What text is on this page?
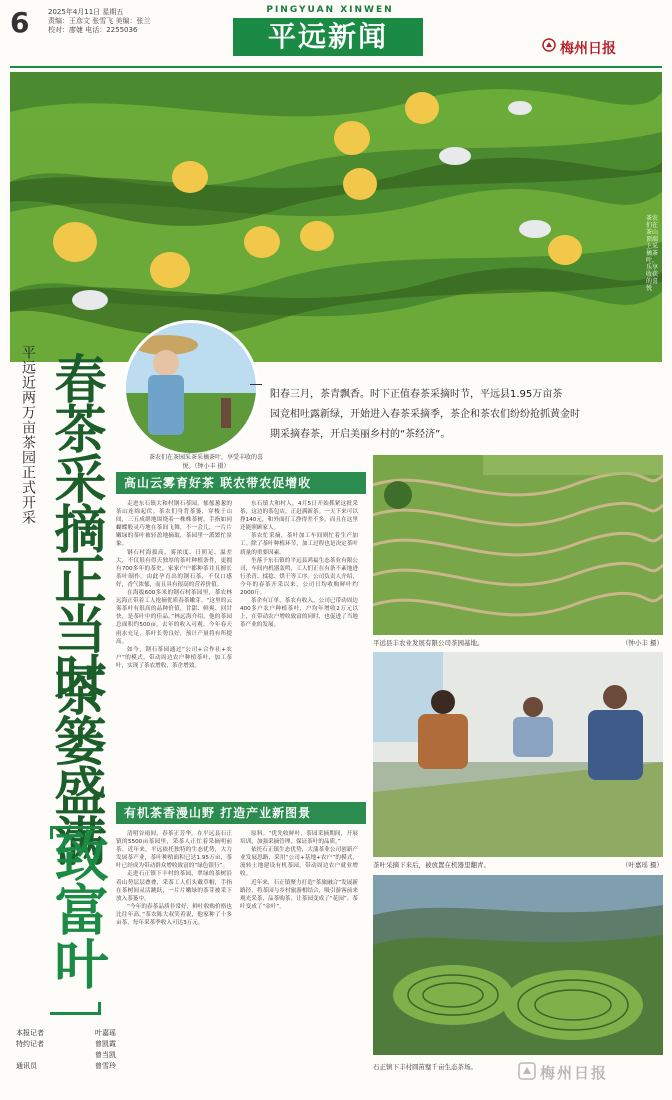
6	2025年4月11日 星期五
责编：王彦文 张雪飞 美编：张兰
校对：廖婕 电话：2255036
PINGYUAN XINWEN
平远新闻	梅州日报
茶农们在茶山顶端上采摘茶叶，乐享收获的喜悦
茶农们在茶园采茶采摘茶叶，享受丰收的喜悦。（钟小丰 摄）
阳春三月，茶青飘香。时下正值春茶采摘时节，平远县1.95万亩茶
园竞相吐露新绿，开始进入春茶采摘季，茶企和茶农们纷纷抢抓黄金时
期采摘春茶，开启美丽乡村的“茶经济”。
平远近两万亩茶园正式开采 春茶采摘正当时
茶篓盛满
致富叶
本报记者	叶嘉瑶
特约记者	曾凯霞
曾当凯
通讯员	曾雪玲
高山云雾育好茶 联农带农促增收

走进东石镇大和村钢石茶园，郁郁葱葱的茶山连绵起伏。茶农们身背茶篓，穿梭于山间，三五成群地围绕着一株株茶树，手指如同蝴蝶般灵巧地在茶间飞舞，不一会儿，一片片嫩绿的茶叶被轻盈地摘取，茶园里一派繁忙景象。

钢石村海拔高，雾浓度、日照足、温差大，不仅很有得天独厚的茶叶种植条件，更拥有700多年的茶史，家家户户都种茶并且擅长茶叶制作。由此孕育出的钢石茶，不仅口感好，香气浓郁，而且具有很高的营养价值。

在海拔600多米的钢石村茶园里，茶农林远海正带着工人抢摘优质春茶嫩芽。“这里的云雾茶叶有很高的品种价值，甘甜、鲜爽、回甘快，是茶叶中的佳品。”林远海介绍，他的茶园总面积约500亩，去年的收入可观。今年春天雨水充足，茶叶长势良好，预计产量将有所提高。

如今，钢石茶园通过“公司+合作社+农户”的模式，带动周边农户种植茶叶、加工茶叶，实现了茶农增收、茶企增效。

东石镇大和村人，4月5日开始抓紧这批采茶，这边的茶包店，正赶满新茶。一天下来可以挣140元，和外面打工挣得差不多，而且在这里还能照顾家人。

茶农忙采摘，茶叶加工车间则忙着生产加工。除了茶叶种植环节，加工过程也是决定茶叶质量的重要因素。

坐落于东石镇的平远县鸿福生态茶业有限公司，车间内机器轰鸣，工人们正在有条不紊地进行杀青、揉捻、烘干等工序。公司负责人介绍，今年的春茶开采以来，公司日均收购鲜叶约2000斤。

茶企有订单，茶农有收入。公司已带动周边400多户农户种植茶叶，户均年增收2万元以上，在带动农户增收致富的同时，也促进了当地茶产业的发展。

有机茶香漫山野 打造产业新图景

清明谷雨间，春茶正芳华。在平远县石正镇的5500亩茶园里，采茶人正忙着采摘明前茶。近年来，平远依托独特的生态优势，大力发展茶产业，茶叶种植面积已达1.95万亩，茶叶已经成为带动群众增收致富的“绿色银行”。

走进石正镇下丰村的茶园，翠绿的茶树沿着山势层层叠叠，采茶工人们头戴草帽，手指在茶树间灵活跳跃，一片片嫩绿的茶芽被采下放入茶篓中。

“今年的春茶品质非常好，鲜叶收购价格也比往年高。”茶农陈大叔笑着说，他家种了十多亩茶，每年采茶季收入可达3万元。

原料。“优先收鲜叶，茶园采摘期间，开展培训，加强采摘管理，保证茶叶的品质。”

依托石正镇生态优势，大蒲茶业公司创新产业发展思路，采用“公司+基地+农户”的模式，流转土地建设有机茶园，带动周边农户就业增收。

近年来，石正镇聚力打造“茶旅融合”发展新路径，将茶园与乡村旅游相结合，吸引游客前来观光采茶、品茶购茶，让茶园变成了“花园”、茶叶变成了“金叶”。

平远县丰农业发展有限公司茶园基地。	（钟小丰 摄）
茶叶采摘下来后，被放置在机器里翻青。	（叶嘉瑶 摄）
石正镇下丰村圆苗璧千亩生态茶场。	梅州日报
